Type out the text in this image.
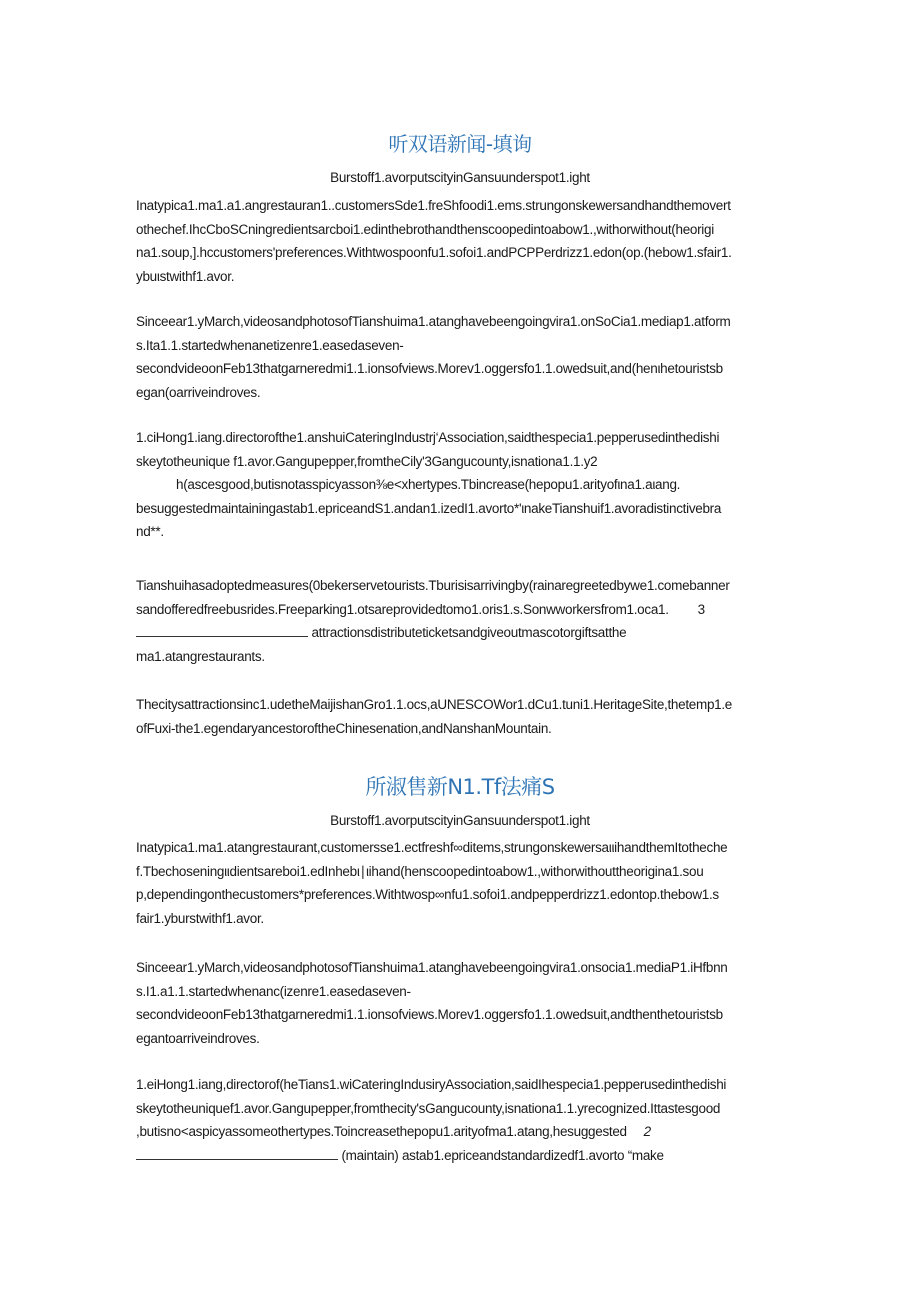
听双语新闻-填询
Burstoff1.avorputscityinGansuunderspot1.ight
Inatypica1.ma1.a1.angrestauran1..customersSde1.freShfoodi1.ems.strungonskewersandhandthemovert
othechef.IhcCboSCningredientsarcboi1.edinthebrothandthenscoopedintoabow1.,withorwithout(heorigi
na1.soup,].hccustomers'preferences.Withtwospoonfu1.sofoi1.andPCPPerdrizz1.edon(op.(hebow1.sfair1.
ybuιstwithf1.avor.
Sinceear1.yMarch,videosandphotosofTianshuima1.atanghavebeengoingvira1.onSoCia1.mediap1.atform
s.Ita1.1.startedwhenanetizenre1.easedaseven-
secondvideoonFeb13thatgarneredmi1.1.ionsofviews.Morev1.oggersfo1.1.owedsuit,and(hen⁠ιhetouristsb
egan(oarriveindroves.
1.ciHong1.iang.directorofthe1.anshuiCateringIndustrj‘Association,saidthespecia1.pepperusedinthedishi
skeytotheunique f1.avor.Gangupepper,fromtheCily'3Gangucounty,isnationa1.1.y2
h(ascesgood,butisnotasspicyasson⅜e<xhertypes.Tbincrease(hepopu1.arityofιna1.aιang.
besuggestedmaintainingastab1.epriceandS1.andan1.izedI1.avorto*'ιnakeTianshuif1.avoradistinctivebra
nd**.
Tianshuihasadoptedmeasures(0bekerservetourists.Tburisisarrivingby(rainaregreetedbywe1.comebanner
sandofferedfreebusrides.Freeparking1.otsareprovidedtomo1.oris1.s.Sonwworkersfrom1.oca1. 3
attractionsdistributeticketsandgiveoutmascotorgiftsatthe
ma1.atangrestaurants.
Thecitysattractionsinc1.udetheMaijishanGro1.1.ocs,aUNESCOWor1.dCu1.tuni1.HeritageSite,thetemp1.e
ofFuxi-the1.egendaryancestoroftheChinesenation,andNanshanMountain.
所淑售新N1.Tf法痛S
Burstoff1.avorputscityinGansuunderspot1.ight
Inatypica1.ma1.atangrestaurant,customersse1.ectfreshf∞ditems,strungonskewersaιιihandthemItotheche
f.Tbechoseningιιdientsareboi1.edInhebι∣ιihand(henscoopedintoabow1.,withorwithouttheorigina1.sou
p,dependingonthecustomers*preferences.Withtwosp∞nfu1.sofoi1.andpepperdrizz1.edontop.thebow1.s
fair1.yburstwithf1.avor.
Sinceear1.yMarch,videosandphotosofTianshuima1.atanghavebeengoingvira1.onsocia1.mediaP1.iHfbnn
s.I1.a1.1.startedwhenanc(izenre1.easedaseven-
secondvideoonFeb13thatgarneredmi1.1.ionsofviews.Morev1.oggersfo1.1.owedsuit,andthenthetouristsb
egantoarriveindroves.
1.eiHong1.iang,directorof(heTians1.wiCateringIndusiryAssociation,saidIhespecia1.pepperusedinthedishi
skeytotheuniquef1.avor.Gangupepper,fromthecity'sGangucounty,isnationa1.1.yrecognized.Ittastesgood
,butisno<aspicyassomeothertypes.Toincreasethepopu1.arityofma1.atang,hesuggested 2
(maintain) astab1.epriceandstandardizedf1.avorto “make
